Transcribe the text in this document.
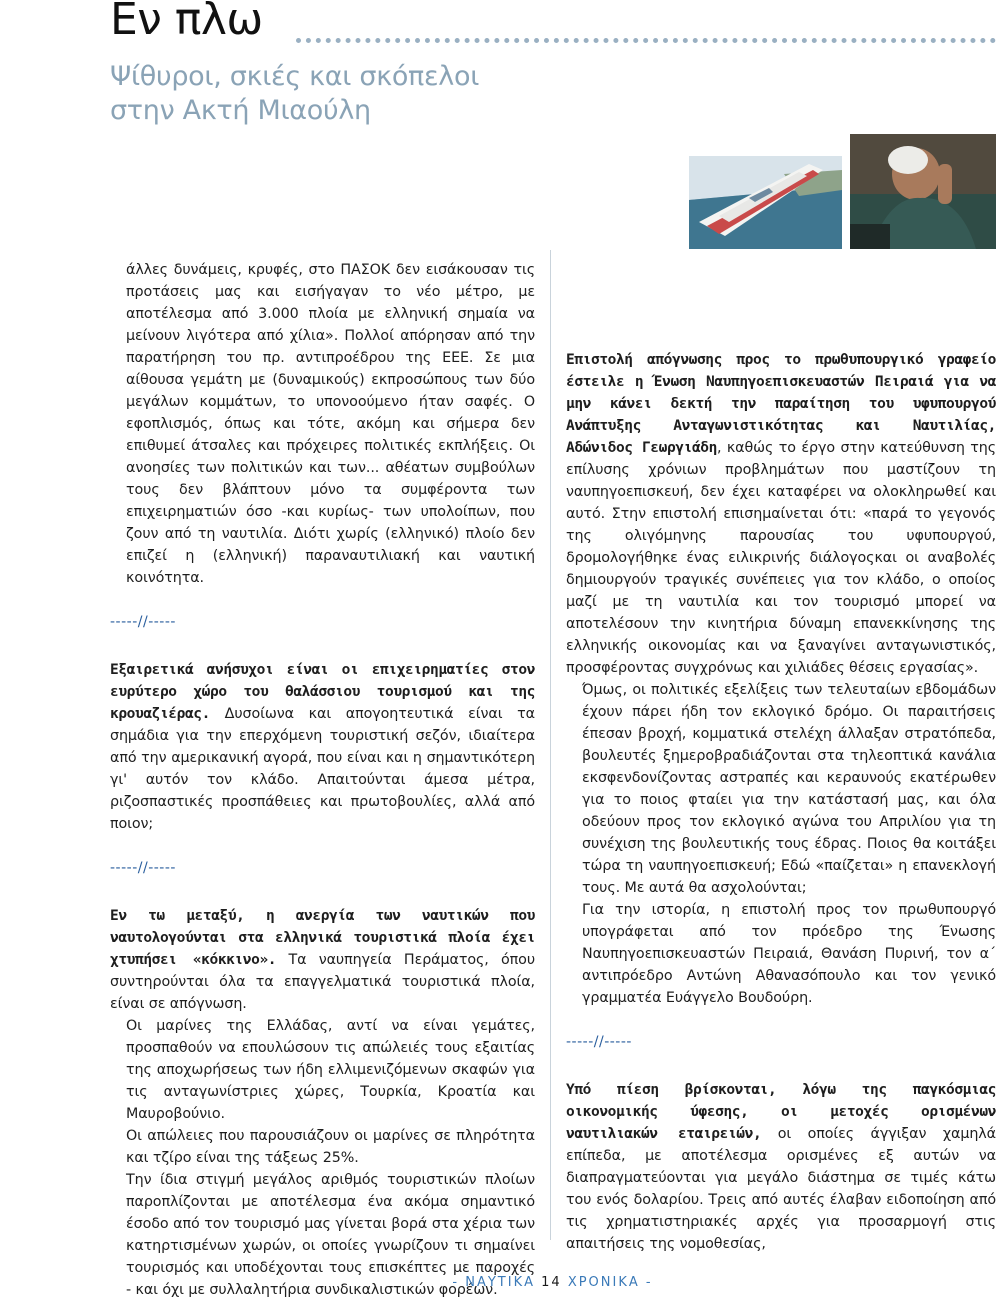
Εν πλω
Ψίθυροι, σκιές και σκόπελοι
στην Ακτή Μιαούλη

άλλες δυνάμεις, κρυφές, στο ΠΑΣΟΚ δεν εισάκουσαν τις προτάσεις μας και εισήγαγαν το νέο μέτρο, με αποτέλεσμα από 3.000 πλοία με ελληνική σημαία να μείνουν λιγότερα από χίλια». Πολλοί απόρησαν από την παρατήρηση του πρ. αντιπροέδρου της ΕΕΕ. Σε μια αίθουσα γεμάτη με (δυναμικούς) εκπροσώπους των δύο μεγάλων κομμάτων, το υπονοούμενο ήταν σαφές. Ο εφοπλισμός, όπως και τότε, ακόμη και σήμερα δεν επιθυμεί άτσαλες και πρόχειρες πολιτικές εκπλήξεις. Οι ανοησίες των πολιτικών και των... αθέατων συμβούλων τους δεν βλάπτουν μόνο τα συμφέροντα των επιχειρηματιών όσο -και κυρίως- των υπολοίπων, που ζουν από τη ναυτιλία. Διότι χωρίς (ελληνικό) πλοίο δεν επιζεί η (ελληνική) παραναυτιλιακή και ναυτική κοινότητα.

-----//-----

Εξαιρετικά ανήσυχοι είναι οι επιχειρηματίες στον ευρύτερο χώρο του θαλάσσιου τουρισμού και της κρουαζιέρας. Δυσοίωνα και απογοητευτικά είναι τα σημάδια για την επερχόμενη τουριστική σεζόν, ιδιαίτερα από την αμερικανική αγορά, που είναι και η σημαντικότερη γι' αυτόν τον κλάδο. Απαιτούνται άμεσα μέτρα, ριζοσπαστικές προσπάθειες και πρωτοβουλίες, αλλά από ποιον;

-----//-----

Εν τω μεταξύ, η ανεργία των ναυτικών που ναυτολογούνται στα ελληνικά τουριστικά πλοία έχει χτυπήσει «κόκκινο». Τα ναυπηγεία Περάματος, όπου συντηρούνται όλα τα επαγγελματικά τουριστικά πλοία, είναι σε απόγνωση.

Οι μαρίνες της Ελλάδας, αντί να είναι γεμάτες, προσπαθούν να επουλώσουν τις απώλειές τους εξαιτίας της αποχωρήσεως των ήδη ελλιμενιζόμενων σκαφών για τις ανταγωνίστριες χώρες, Τουρκία, Κροατία και Μαυροβούνιο.

Οι απώλειες που παρουσιάζουν οι μαρίνες σε πληρότητα και τζίρο είναι της τάξεως 25%.

Την ίδια στιγμή μεγάλος αριθμός τουριστικών πλοίων παροπλίζονται με αποτέλεσμα ένα ακόμα σημαντικό έσοδο από τον τουρισμό μας γίνεται βορά στα χέρια των κατηρτισμένων χωρών, οι οποίες γνωρίζουν τι σημαίνει τουρισμός και υποδέχονται τους επισκέπτες με παροχές - και όχι με συλλαλητήρια συνδικαλιστικών φορέων.

Επιστολή απόγνωσης προς το πρωθυπουργικό γραφείο έστειλε η Ένωση Ναυπηγοεπισκευαστών Πειραιά για να μην κάνει δεκτή την παραίτηση του υφυπουργού Ανάπτυξης Ανταγωνιστικότητας και Ναυτιλίας, Αδώνιδος Γεωργιάδη, καθώς το έργο στην κατεύθυνση της επίλυσης χρόνιων προβλημάτων που μαστίζουν τη ναυπηγοεπισκευή, δεν έχει καταφέρει να ολοκληρωθεί και αυτό. Στην επιστολή επισημαίνεται ότι: «παρά το γεγονός της ολιγόμηνης παρουσίας του υφυπουργού, δρομολογήθηκε ένας ειλικρινής διάλογοςκαι οι αναβολές δημιουργούν τραγικές συνέπειες για τον κλάδο, ο οποίος μαζί με τη ναυτιλία και τον τουρισμό μπορεί να αποτελέσουν την κινητήρια δύναμη επανεκκίνησης της ελληνικής οικονομίας και να ξαναγίνει ανταγωνιστικός, προσφέροντας συγχρόνως και χιλιάδες θέσεις εργασίας».

Όμως, οι πολιτικές εξελίξεις των τελευταίων εβδομάδων έχουν πάρει ήδη τον εκλογικό δρόμο. Οι παραιτήσεις έπεσαν βροχή, κομματικά στελέχη άλλαξαν στρατόπεδα, βουλευτές ξημεροβραδιάζονται στα τηλεοπτικά κανάλια εκσφενδονίζοντας αστραπές και κεραυνούς εκατέρωθεν για το ποιος φταίει για την κατάστασή μας, και όλα οδεύουν προς τον εκλογικό αγώνα του Απριλίου για τη συνέχιση της βουλευτικής τους έδρας. Ποιος θα κοιτάξει τώρα τη ναυπηγοεπισκευή; Εδώ «παίζεται» η επανεκλογή τους. Με αυτά θα ασχολούνται;

Για την ιστορία, η επιστολή προς τον πρωθυπουργό υπογράφεται από τον πρόεδρο της Ένωσης Ναυπηγοεπισκευαστών Πειραιά, Θανάση Πυρινή, τον α΄ αντιπρόεδρο Αντώνη Αθανασόπουλο και τον γενικό γραμματέα Ευάγγελο Βουδούρη.

-----//-----

Υπό πίεση βρίσκονται, λόγω της παγκόσμιας οικονομικής ύφεσης, οι μετοχές ορισμένων ναυτιλιακών εταιρειών, οι οποίες άγγιξαν χαμηλά επίπεδα, με αποτέλεσμα ορισμένες εξ αυτών να διαπραγματεύονται για μεγάλο διάστημα σε τιμές κάτω του ενός δολαρίου. Τρεις από αυτές έλαβαν ειδοποίηση από τις χρηματιστηριακές αρχές για προσαρμογή στις απαιτήσεις της νομοθεσίας,

- ΝΑΥΤΙΚΑ 14 ΧΡΟΝΙΚΑ -
